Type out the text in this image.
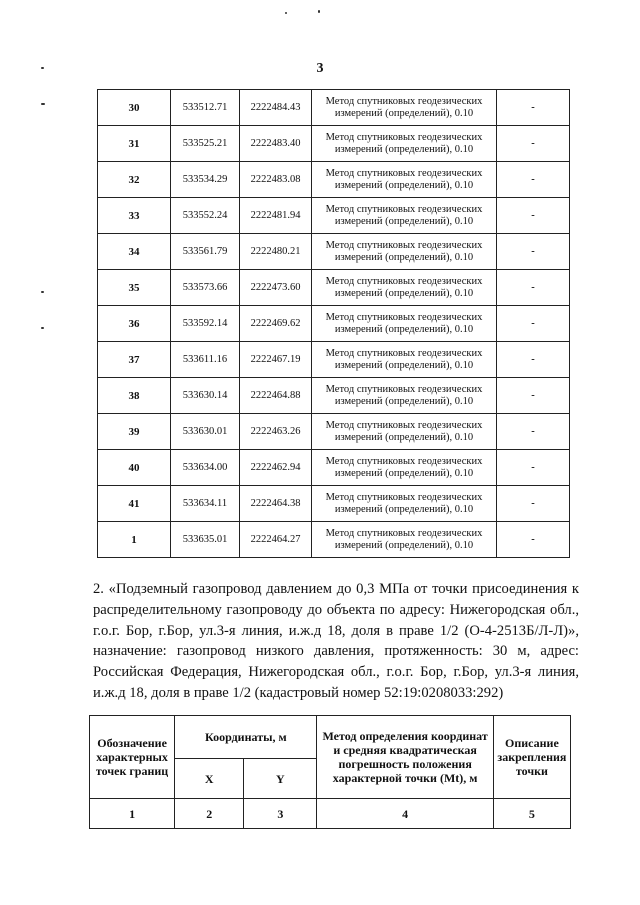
3
30	533512.71	2222484.43	Метод спутниковых геодезических измерений (определений), 0.10	-
31	533525.21	2222483.40	Метод спутниковых геодезических измерений (определений), 0.10	-
32	533534.29	2222483.08	Метод спутниковых геодезических измерений (определений), 0.10	-
33	533552.24	2222481.94	Метод спутниковых геодезических измерений (определений), 0.10	-
34	533561.79	2222480.21	Метод спутниковых геодезических измерений (определений), 0.10	-
35	533573.66	2222473.60	Метод спутниковых геодезических измерений (определений), 0.10	-
36	533592.14	2222469.62	Метод спутниковых геодезических измерений (определений), 0.10	-
37	533611.16	2222467.19	Метод спутниковых геодезических измерений (определений), 0.10	-
38	533630.14	2222464.88	Метод спутниковых геодезических измерений (определений), 0.10	-
39	533630.01	2222463.26	Метод спутниковых геодезических измерений (определений), 0.10	-
40	533634.00	2222462.94	Метод спутниковых геодезических измерений (определений), 0.10	-
41	533634.11	2222464.38	Метод спутниковых геодезических измерений (определений), 0.10	-
1	533635.01	2222464.27	Метод спутниковых геодезических измерений (определений), 0.10	-
2. «Подземный газопровод давлением до 0,3 МПа от точки присоединения к распределительному газопроводу до объекта по адресу: Нижегородская обл., г.о.г. Бор, г.Бор, ул.3-я линия, и.ж.д 18, доля в праве 1/2 (О-4-2513Б/Л-Л)», назначение: газопровод низкого давления, протяженность: 30 м, адрес: Российская Федерация, Нижегородская обл., г.о.г. Бор, г.Бор, ул.3-я линия, и.ж.д 18, доля в праве 1/2 (кадастровый номер 52:19:0208033:292)
Обозначение характерных точек границ	Координаты, м		Метод определения координат и средняя квадратическая погрешность положения характерной точки (Mt), м	Описание закрепления точки
	X	Y		
1	2	3	4	5
